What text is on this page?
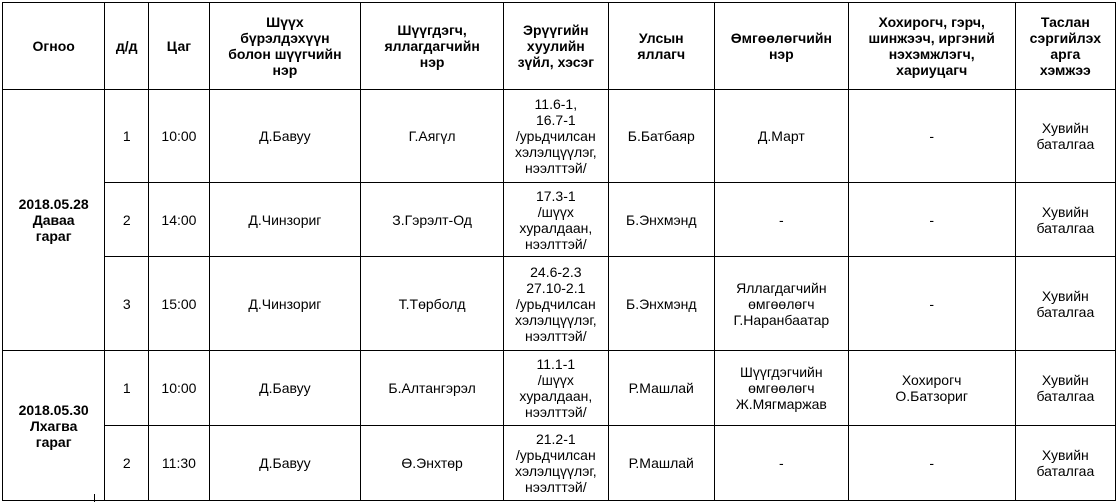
Огноо	д/д	Цаг	Шүүх
бүрэлдэхүүн
болон шүүгчийн
нэр	Шүүгдэгч,
яллагдагчийн
нэр	Эрүүгийн
хуулийн
зүйл, хэсэг	Улсын
яллагч	Өмгөөлөгчийн
нэр	Хохирогч, гэрч,
шинжээч, иргэний
нэхэмжлэгч,
хариуцагч	Таслан
сэргийлэх
арга
хэмжээ
2018.05.28
Даваа
гараг	1	10:00	Д.Бавуу	Г.Аягүл	11.6-1,
16.7-1
/урьдчилсан
хэлэлцүүлэг,
нээлттэй/	Б.Батбаяр	Д.Март	-	Хувийн
баталгаа
	2	14:00	Д.Чинзориг	З.Гэрэлт-Од	17.3-1
/шүүх
хуралдаан,
нээлттэй/	Б.Энхмэнд	-	-	Хувийн
баталгаа
	3	15:00	Д.Чинзориг	Т.Төрболд	24.6-2.3
27.10-2.1
/урьдчилсан
хэлэлцүүлэг,
нээлттэй/	Б.Энхмэнд	Яллагдагчийн
өмгөөлөгч
Г.Наранбаатар	-	Хувийн
баталгаа
2018.05.30
Лхагва
гараг	1	10:00	Д.Бавуу	Б.Алтангэрэл	11.1-1
/шүүх
хуралдаан,
нээлттэй/	Р.Машлай	Шүүгдэгчийн
өмгөөлөгч
Ж.Мягмаржав	Хохирогч
О.Батзориг	Хувийн
баталгаа
	2	11:30	Д.Бавуу	Ө.Энхтөр	21.2-1
/урьдчилсан
хэлэлцүүлэг,
нээлттэй/	Р.Машлай	-	-	Хувийн
баталгаа
